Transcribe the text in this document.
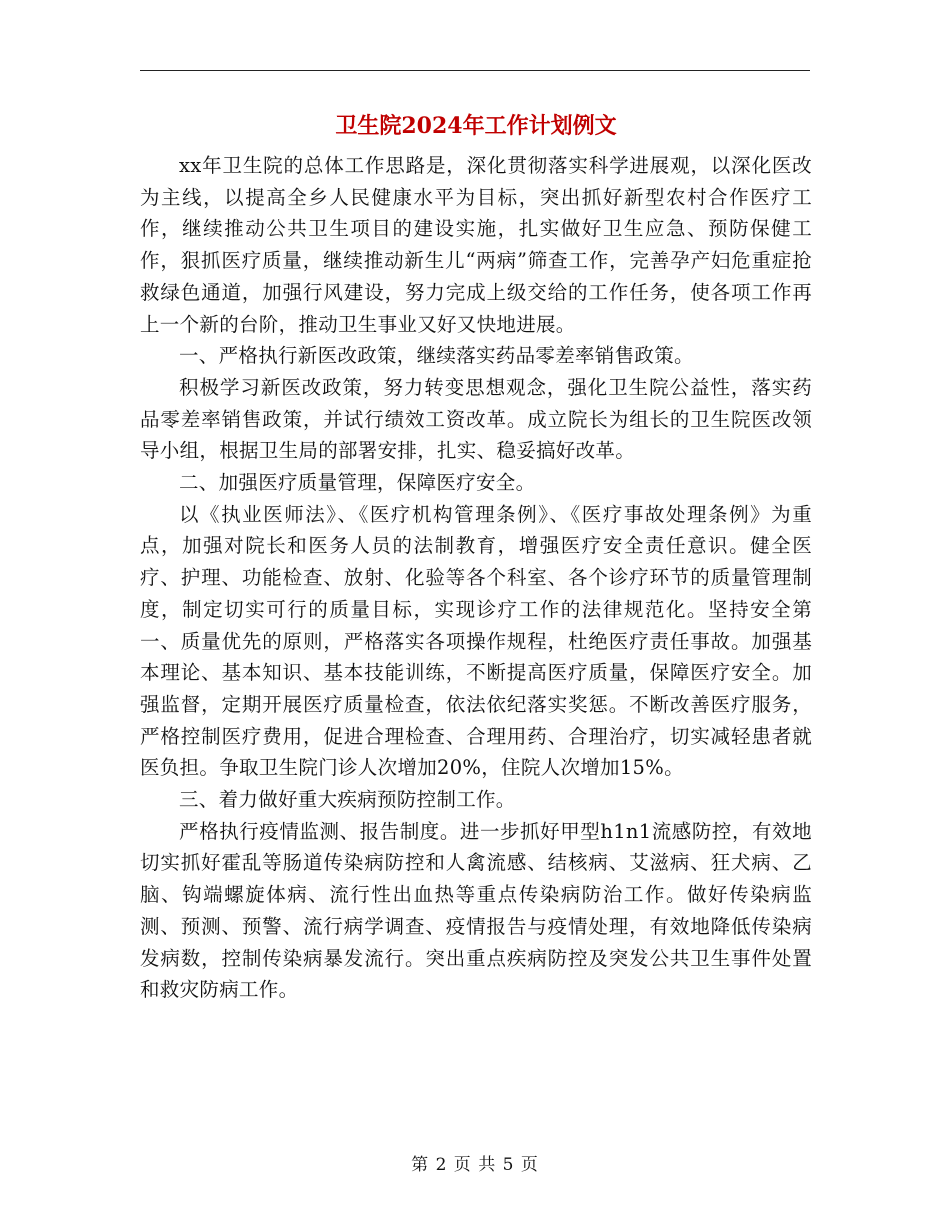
卫生院2024年工作计划例文

xx年卫生院的总体工作思路是，深化贯彻落实科学进展观，以深化医改为主线，以提高全乡人民健康水平为目标，突出抓好新型农村合作医疗工作，继续推动公共卫生项目的建设实施，扎实做好卫生应急、预防保健工作，狠抓医疗质量，继续推动新生儿“两病”筛查工作，完善孕产妇危重症抢救绿色通道，加强行风建设，努力完成上级交给的工作任务，使各项工作再上一个新的台阶，推动卫生事业又好又快地进展。

一、严格执行新医改政策，继续落实药品零差率销售政策。

积极学习新医改政策，努力转变思想观念，强化卫生院公益性，落实药品零差率销售政策，并试行绩效工资改革。成立院长为组长的卫生院医改领导小组，根据卫生局的部署安排，扎实、稳妥搞好改革。

二、加强医疗质量管理，保障医疗安全。

以《执业医师法》、《医疗机构管理条例》、《医疗事故处理条例》为重点，加强对院长和医务人员的法制教育，增强医疗安全责任意识。健全医疗、护理、功能检查、放射、化验等各个科室、各个诊疗环节的质量管理制度，制定切实可行的质量目标，实现诊疗工作的法律规范化。坚持安全第一、质量优先的原则，严格落实各项操作规程，杜绝医疗责任事故。加强基本理论、基本知识、基本技能训练，不断提高医疗质量，保障医疗安全。加强监督，定期开展医疗质量检查，依法依纪落实奖惩。不断改善医疗服务，严格控制医疗费用，促进合理检查、合理用药、合理治疗，切实减轻患者就医负担。争取卫生院门诊人次增加20%，住院人次增加15%。

三、着力做好重大疾病预防控制工作。

严格执行疫情监测、报告制度。进一步抓好甲型h1n1流感防控，有效地切实抓好霍乱等肠道传染病防控和人禽流感、结核病、艾滋病、狂犬病、乙脑、钩端螺旋体病、流行性出血热等重点传染病防治工作。做好传染病监测、预测、预警、流行病学调查、疫情报告与疫情处理，有效地降低传染病发病数，控制传染病暴发流行。突出重点疾病防控及突发公共卫生事件处置和救灾防病工作。

第 2 页 共 5 页
